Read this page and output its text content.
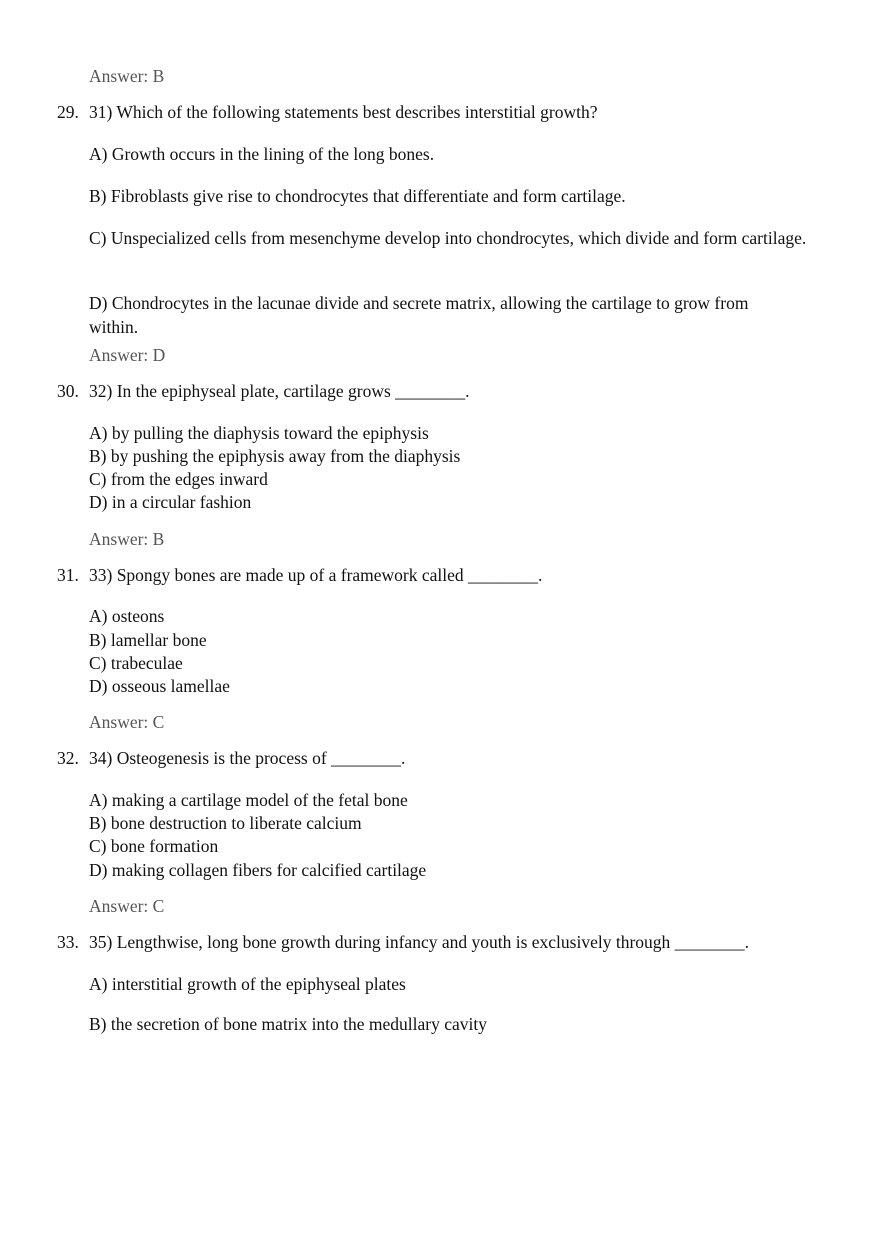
Answer: B
29. 31) Which of the following statements best describes interstitial growth?
A) Growth occurs in the lining of the long bones.
B) Fibroblasts give rise to chondrocytes that differentiate and form cartilage.
C) Unspecialized cells from mesenchyme develop into chondrocytes, which divide and form cartilage.
D) Chondrocytes in the lacunae divide and secrete matrix, allowing the cartilage to grow from within.
Answer: D
30. 32) In the epiphyseal plate, cartilage grows ________.
A) by pulling the diaphysis toward the epiphysis
B) by pushing the epiphysis away from the diaphysis
C) from the edges inward
D) in a circular fashion
Answer: B
31. 33) Spongy bones are made up of a framework called ________.
A) osteons
B) lamellar bone
C) trabeculae
D) osseous lamellae
Answer: C
32. 34) Osteogenesis is the process of ________.
A) making a cartilage model of the fetal bone
B) bone destruction to liberate calcium
C) bone formation
D) making collagen fibers for calcified cartilage
Answer: C
33. 35) Lengthwise, long bone growth during infancy and youth is exclusively through ________.
A) interstitial growth of the epiphyseal plates
B) the secretion of bone matrix into the medullary cavity
